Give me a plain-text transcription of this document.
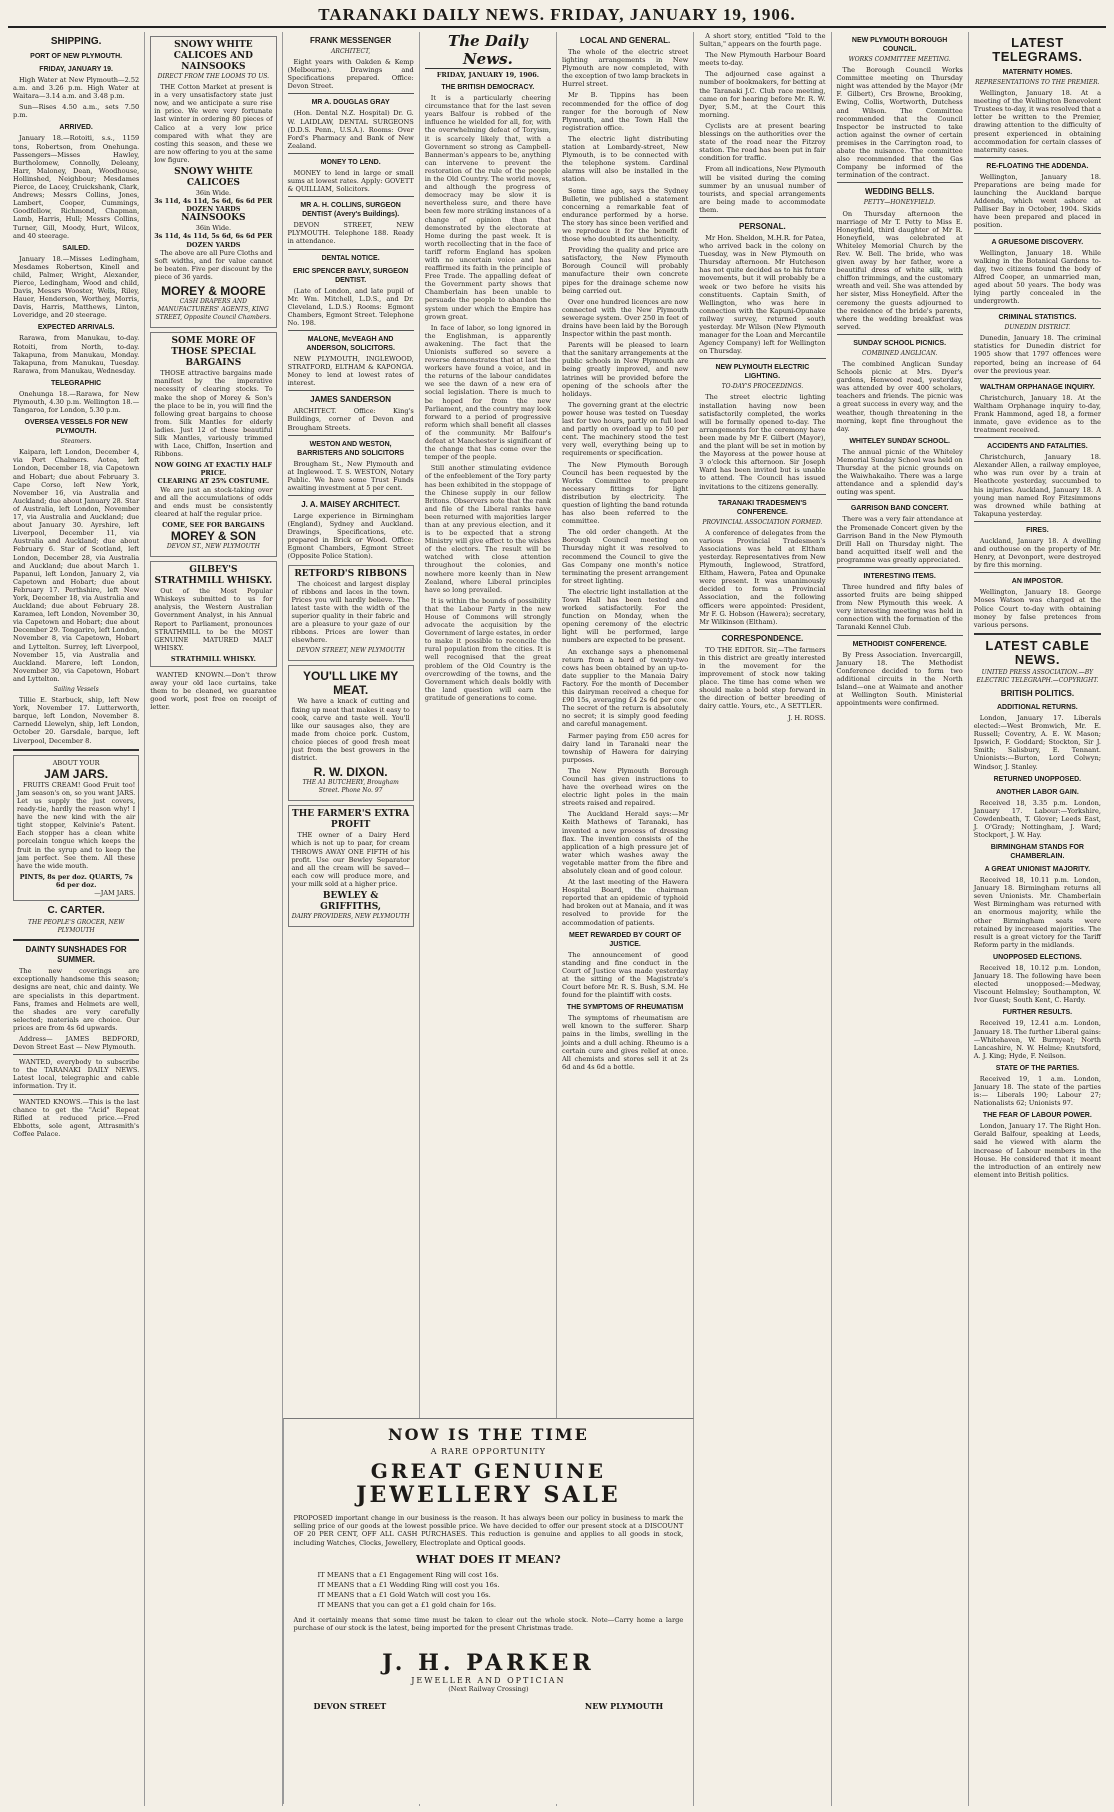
TARANAKI DAILY NEWS. FRIDAY, JANUARY 19, 1906.
SHIPPING.
PORT OF NEW PLYMOUTH.
FRIDAY, JANUARY 19.

High Water at New Plymouth—2.52 a.m. and 3.26 p.m. High Water at Waitara—3.14 a.m. and 3.48 p.m.

Sun—Rises 4.50 a.m., sets 7.50 p.m.

ARRIVED.

January 18.—Rotoiti, s.s., 1159 tons, Robertson, from Onehunga. Passengers—Misses Hawley, Burtholomew, Connolly, Deleany, Harr, Maloney, Dean, Woodhouse, Hollinshed, Neighbour; Mesdames Pierce, de Lacey, Cruickshank, Clark, Andrews; Messrs Collins, Jones, Lambert, Cooper, Cummings, Goodfellow, Richmond, Chapman, Lamb, Harris, Hull; Messrs Collins, Turner, Gill, Moody, Hurt, Wilcox, and 40 steerage.

SAILED.

January 18.—Misses Ledingham, Mesdames Robertson, Kinell and child, Palmer, Wright, Alexander, Pierce, Ledingham, Wood and child, Davis, Messrs Wooster, Wells, Riley, Hauer, Henderson, Worthey, Morris, Davis, Harris, Matthews, Linton, Loveridge, and 20 steerage.

EXPECTED ARRIVALS.

Rarawa, from Manukau, to-day. Rotoiti, from North, to-day. Takapuna, from Manukau, Monday. Takapuna, from Manukau, Tuesday. Rarawa, from Manukau, Wednesday.

TELEGRAPHIC

Onehunga 18.—Rarawa, for New Plymouth, 4.30 p.m. Wellington 18.—Tangaroa, for London, 5.30 p.m.

OVERSEA VESSELS FOR NEW PLYMOUTH.
Steamers.

Kaipara, left London, December 4, via Port Chalmers. Aotea, left London, December 18, via Capetown and Hobart; due about February 3. Cape Corso, left New York, November 16, via Australia and Auckland; due about January 28. Star of Australia, left London, November 17, via Australia and Auckland; due about January 30. Ayrshire, left Liverpool, December 11, via Australia and Auckland; due about February 6. Star of Scotland, left London, December 28, via Australia and Auckland; due about March 1. Papanui, left London, January 2, via Capetown and Hobart; due about February 17. Perthshire, left New York, December 18, via Australia and Auckland; due about February 28. Karamea, left London, November 30, via Capetown and Hobart; due about December 29. Tongariro, left London, November 8, via Capetown, Hobart and Lyttelton. Surrey, left Liverpool, November 15, via Australia and Auckland. Marere, left London, November 30, via Capetown, Hobart and Lyttelton.

Sailing Vessels

Tillie E. Starbuck, ship, left New York, November 17. Lutterworth, barque, left London, November 8. Carnedd Llewelyn, ship, left London, October 20. Garsdale, barque, left Liverpool, December 8.

ABOUT YOUR
JAM JARS.

FRUITS CREAM! Good Fruit too! Jam season's on, so you want JARS. Let us supply the just covers, ready-tie, hardly the reason why! I have the new kind with the air tight stopper, Kelvinie's Patent. Each stopper has a clean white porcelain tongue which keeps the fruit in the syrup and to keep the jam perfect. See them. All these have the wide mouth.

PINTS, 8s per doz. QUARTS, 7s 6d per doz.
—JAM JARS.
C. CARTER.
THE PEOPLE'S GROCER, NEW PLYMOUTH
DAINTY SUNSHADES FOR SUMMER.

The new coverings are exceptionally handsome this season; designs are neat, chic and dainty. We are specialists in this department. Fans, frames and Helmets are well, the shades are very carefully selected; materials are choice. Our prices are from 4s 6d upwards.

Address— JAMES BEDFORD, Devon Street East — New Plymouth.

WANTED, everybody to subscribe to the TARANAKI DAILY NEWS. Latest local, telegraphic and cable information. Try it.

WANTED KNOWS.—This is the last chance to get the "Acid" Repeat Rifled at reduced price.—Fred Ebbotts, sole agent, Attrasmith's Coffee Palace.

SNOWY WHITE CALICOES AND NAINSOOKS
DIRECT FROM THE LOOMS TO US.

THE Cotton Market at present is in a very unsatisfactory state just now, and we anticipate a sure rise in price. We were very fortunate last winter in ordering 80 pieces of Calico at a very low price compared with what they are costing this season, and these we are now offering to you at the same low figure.

SNOWY WHITE CALICOES
36in Wide.
3s 11d, 4s 11d, 5s 6d, 6s 6d PER DOZEN YARDS
NAINSOOKS
36in Wide.
3s 11d, 4s 11d, 5s 6d, 6s 6d PER DOZEN YARDS

The above are all Pure Cloths and Soft widths, and for value cannot be beaten. Five per discount by the piece of 36 yards.

MOREY & MOORE
CASH DRAPERS AND MANUFACTURERS' AGENTS, KING STREET, Opposite Council Chambers.
SOME MORE OF THOSE SPECIAL BARGAINS

THOSE attractive bargains made manifest by the imperative necessity of clearing stocks. To make the shop of Morey & Son's the place to be in, you will find the following great bargains to choose from. Silk Mantles for elderly ladies. Just 12 of these beautiful Silk Mantles, variously trimmed with Lace, Chiffon, Insertion and Ribbons.

NOW GOING AT EXACTLY HALF PRICE.
CLEARING AT 25% COSTUME.

We are just an stock-taking over and all the accumulations of odds and ends must be consistently cleared at half the regular price.

COME, SEE FOR BARGAINS
MOREY & SON
DEVON ST., NEW PLYMOUTH
GILBEY'S STRATHMILL WHISKY.

Out of the Most Popular Whiskeys submitted to us for analysis, the Western Australian Government Analyst, in his Annual Report to Parliament, pronounces STRATHMILL to be the MOST GENUINE MATURED MALT WHISKY.

STRATHMILL WHISKY.

WANTED KNOWN.—Don't throw away your old lace curtains, take them to be cleaned, we guarantee good work, post free on receipt of letter.

FRANK MESSENGER
ARCHITECT,

Eight years with Oakden & Kemp (Melbourne). Drawings and Specifications prepared. Office: Devon Street.

MR A. DOUGLAS GRAY

(Hon. Dental N.Z. Hospital) Dr. G. W. LAIDLAW, DENTAL SURGEONS (D.D.S. Penn., U.S.A.). Rooms: Over Ford's Pharmacy and Bank of New Zealand.

MONEY TO LEND.

MONEY to lend in large or small sums at lowest rates. Apply: GOVETT & QUILLIAM, Solicitors.

MR A. H. COLLINS, SURGEON DENTIST (Avery's Buildings).

DEVON STREET, NEW PLYMOUTH. Telephone 188. Ready in attendance.

DENTAL NOTICE.
ERIC SPENCER BAYLY, SURGEON DENTIST.

(Late of London, and late pupil of Mr. Wm. Mitchell, L.D.S., and Dr. Cleveland, L.D.S.) Rooms: Egmont Chambers, Egmont Street. Telephone No. 198.

MALONE, McVEAGH AND ANDERSON, SOLICITORS.

NEW PLYMOUTH, INGLEWOOD, STRATFORD, ELTHAM & KAPONGA. Money to lend at lowest rates of interest.

JAMES SANDERSON

ARCHITECT. Office: King's Buildings, corner of Devon and Brougham Streets.

WESTON AND WESTON, BARRISTERS AND SOLICITORS

Brougham St., New Plymouth and at Inglewood. T. S. WESTON, Notary Public. We have some Trust Funds awaiting investment at 5 per cent.

J. A. MAISEY ARCHITECT.

Large experience in Birmingham (England), Sydney and Auckland. Drawings, Specifications, etc. prepared in Brick or Wood. Office: Egmont Chambers, Egmont Street (Opposite Police Station).

RETFORD'S RIBBONS

The choicest and largest display of ribbons and laces in the town. Prices you will hardly believe. The latest taste with the width of the superior quality in their fabric and are a pleasure to your gaze of our ribbons. Prices are lower than elsewhere.

DEVON STREET, NEW PLYMOUTH
YOU'LL LIKE MY MEAT.

We have a knack of cutting and fixing up meat that makes it easy to cook, carve and taste well. You'll like our sausages also, they are made from choice pork. Custom, choice pieces of good fresh meat just from the best growers in the district.

R. W. DIXON.
THE A1 BUTCHERY, Brougham Street. Phone No. 97
THE FARMER'S EXTRA PROFIT

THE owner of a Dairy Herd which is not up to paar, for cream THROWS AWAY ONE FIFTH of his profit. Use our Bewley Separator and all the cream will be saved—each cow will produce more, and your milk sold at a higher price.

BEWLEY & GRIFFITHS,
DAIRY PROVIDERS, NEW PLYMOUTH
The Daily News.
FRIDAY, JANUARY 19, 1906.
THE BRITISH DEMOCRACY.

It is a particularly cheering circumstance that for the last seven years Balfour is robbed of the influence he wielded for all, for, with the overwhelming defeat of Toryism, it is scarcely likely that, with a Government so strong as Campbell-Bannerman's appears to be, anything can intervene to prevent the restoration of the rule of the people in the Old Country. The world moves, and although the progress of democracy may be slow it is nevertheless sure, and there have been few more striking instances of a change of opinion than that demonstrated by the electorate at Home during the past week. It is worth recollecting that in the face of tariff reform England has spoken with no uncertain voice and has reaffirmed its faith in the principle of Free Trade. The appalling defeat of the Government party shows that Chamberlain has been unable to persuade the people to abandon the system under which the Empire has grown great.

In face of labor, so long ignored in the Englishman, is apparently awakening. The fact that the Unionists suffered so severe a reverse demonstrates that at last the workers have found a voice, and in the returns of the labour candidates we see the dawn of a new era of social legislation. There is much to be hoped for from the new Parliament, and the country may look forward to a period of progressive reform which shall benefit all classes of the community. Mr Balfour's defeat at Manchester is significant of the change that has come over the temper of the people.

Still another stimulating evidence of the enfeeblement of the Tory party has been exhibited in the stoppage of the Chinese supply in our fellow Britons. Observers note that the rank and file of the Liberal ranks have been returned with majorities larger than at any previous election, and it is to be expected that a strong Ministry will give effect to the wishes of the electors. The result will be watched with close attention throughout the colonies, and nowhere more keenly than in New Zealand, where Liberal principles have so long prevailed.

It is within the bounds of possibility that the Labour Party in the new House of Commons will strongly advocate the acquisition by the Government of large estates, in order to make it possible to reconcile the rural population from the cities. It is well recognised that the great problem of the Old Country is the overcrowding of the towns, and the Government which deals boldly with the land question will earn the gratitude of generations to come.

LOCAL AND GENERAL.

The whole of the electric street lighting arrangements in New Plymouth are now completed, with the exception of two lamp brackets in Hurrel street.

Mr B. Tippins has been recommended for the office of dog ranger for the borough of New Plymouth, and the Town Hall the registration office.

The electric light distributing station at Lombardy-street, New Plymouth, is to be connected with the telephone system. Cardinal alarms will also be installed in the station.

Some time ago, says the Sydney Bulletin, we published a statement concerning a remarkable feat of endurance performed by a horse. The story has since been verified and we reproduce it for the benefit of those who doubted its authenticity.

Providing the quality and price are satisfactory, the New Plymouth Borough Council will probably manufacture their own concrete pipes for the drainage scheme now being carried out.

Over one hundred licences are now connected with the New Plymouth sewerage system. Over 250 in feet of drains have been laid by the Borough Inspector within the past month.

Parents will be pleased to learn that the sanitary arrangements at the public schools in New Plymouth are being greatly improved, and new latrines will be provided before the opening of the schools after the holidays.

The governing grant at the electric power house was tested on Tuesday last for two hours, partly on full load and partly on overload up to 50 per cent. The machinery stood the test very well, everything being up to requirements or specification.

The New Plymouth Borough Council has been requested by the Works Committee to prepare necessary fittings for light distribution by electricity. The question of lighting the band rotunda has also been referred to the committee.

The old order changeth. At the Borough Council meeting on Thursday night it was resolved to recommend the Council to give the Gas Company one month's notice terminating the present arrangement for street lighting.

The electric light installation at the Town Hall has been tested and worked satisfactorily. For the function on Monday, when the opening ceremony of the electric light will be performed, large numbers are expected to be present.

An exchange says a phenomenal return from a herd of twenty-two cows has been obtained by an up-to-date supplier to the Manaia Dairy Factory. For the month of December this dairyman received a cheque for £90 15s, averaging £4 2s 6d per cow. The secret of the return is absolutely no secret; it is simply good feeding and careful management.

Farmer paying from £50 acres for dairy land in Taranaki near the township of Hawera for dairying purposes.

The New Plymouth Borough Council has given instructions to have the overhead wires on the electric light poles in the main streets raised and repaired.

The Auckland Herald says:—Mr Keith Mathews of Taranaki, has invented a new process of dressing flax. The invention consists of the application of a high pressure jet of water which washes away the vegetable matter from the fibre and absolutely clean and of good colour.

At the last meeting of the Hawera Hospital Board, the chairman reported that an epidemic of typhoid had broken out at Manaia, and it was resolved to provide for the accommodation of patients.

MEET REWARDED BY COURT OF JUSTICE.

The announcement of good standing and fine conduct in the Court of Justice was made yesterday at the sitting of the Magistrate's Court before Mr. R. S. Bush, S.M. He found for the plaintiff with costs.

THE SYMPTOMS OF RHEUMATISM

The symptoms of rheumatism are well known to the sufferer. Sharp pains in the limbs, swelling in the joints and a dull aching. Rheumo is a certain cure and gives relief at once. All chemists and stores sell it at 2s 6d and 4s 6d a bottle.

A short story, entitled "Told to the Sultan," appears on the fourth page.

The New Plymouth Harbour Board meets to-day.

The adjourned case against a number of bookmakers, for betting at the Taranaki J.C. Club race meeting, came on for hearing before Mr. R. W. Dyer, S.M., at the Court this morning.

Cyclists are at present bearing blessings on the authorities over the state of the road near the Fitzroy station. The road has been put in fair condition for traffic.

From all indications, New Plymouth will be visited during the coming summer by an unusual number of tourists, and special arrangements are being made to accommodate them.

PERSONAL.

Mr Hon. Sheldon, M.H.R. for Patea, who arrived back in the colony on Tuesday, was in New Plymouth on Thursday afternoon. Mr Hutcheson has not quite decided as to his future movements, but it will probably be a week or two before he visits his constituents. Captain Smith, of Wellington, who was here in connection with the Kapuni-Opunake railway survey, returned south yesterday. Mr Wilson (New Plymouth manager for the Loan and Mercantile Agency Company) left for Wellington on Thursday.

NEW PLYMOUTH ELECTRIC LIGHTING.
TO-DAY'S PROCEEDINGS.

The street electric lighting installation having now been satisfactorily completed, the works will be formally opened to-day. The arrangements for the ceremony have been made by Mr F. Gilbert (Mayor), and the plant will be set in motion by the Mayoress at the power house at 3 o'clock this afternoon. Sir Joseph Ward has been invited but is unable to attend. The Council has issued invitations to the citizens generally.

TARANAKI TRADESMEN'S CONFERENCE.
PROVINCIAL ASSOCIATION FORMED.

A conference of delegates from the various Provincial Tradesmen's Associations was held at Eltham yesterday. Representatives from New Plymouth, Inglewood, Stratford, Eltham, Hawera, Patea and Opunake were present. It was unanimously decided to form a Provincial Association, and the following officers were appointed: President, Mr F. G. Hobson (Hawera); secretary, Mr Wilkinson (Eltham).

CORRESPONDENCE.

TO THE EDITOR. Sir,—The farmers in this district are greatly interested in the movement for the improvement of stock now taking place. The time has come when we should make a bold step forward in the direction of better breeding of dairy cattle. Yours, etc., A SETTLER.

J. H. ROSS.
NEW PLYMOUTH BOROUGH COUNCIL.
WORKS COMMITTEE MEETING.

The Borough Council Works Committee meeting on Thursday night was attended by the Mayor (Mr F. Gilbert), Crs Browne, Brooking, Ewing, Collis, Wortworth, Dutchess and Wilson. The Committee recommended that the Council Inspector be instructed to take action against the owner of certain premises in the Carrington road, to abate the nuisance. The committee also recommended that the Gas Company be informed of the termination of the contract.

WEDDING BELLS.
PETTY—HONEYFIELD.

On Thursday afternoon the marriage of Mr T. Petty to Miss E. Honeyfield, third daughter of Mr R. Honeyfield, was celebrated at Whiteley Memorial Church by the Rev. W. Bell. The bride, who was given away by her father, wore a beautiful dress of white silk, with chiffon trimmings, and the customary wreath and veil. She was attended by her sister, Miss Honeyfield. After the ceremony the guests adjourned to the residence of the bride's parents, where the wedding breakfast was served.

SUNDAY SCHOOL PICNICS.
COMBINED ANGLICAN.

The combined Anglican Sunday Schools picnic at Mrs. Dyer's gardens, Henwood road, yesterday, was attended by over 400 scholars, teachers and friends. The picnic was a great success in every way, and the weather, though threatening in the morning, kept fine throughout the day.

WHITELEY SUNDAY SCHOOL.

The annual picnic of the Whiteley Memorial Sunday School was held on Thursday at the picnic grounds on the Waiwhakaiho. There was a large attendance and a splendid day's outing was spent.

GARRISON BAND CONCERT.

There was a very fair attendance at the Promenade Concert given by the Garrison Band in the New Plymouth Drill Hall on Thursday night. The band acquitted itself well and the programme was greatly appreciated.

INTERESTING ITEMS.

Three hundred and fifty bales of assorted fruits are being shipped from New Plymouth this week. A very interesting meeting was held in connection with the formation of the Taranaki Kennel Club.

METHODIST CONFERENCE.

By Press Association. Invercargill, January 18. The Methodist Conference decided to form two additional circuits in the North Island—one at Waimate and another at Wellington South. Ministerial appointments were confirmed.

LATEST TELEGRAMS.
MATERNITY HOMES.
REPRESENTATIONS TO THE PREMIER.

Wellington, January 18. At a meeting of the Wellington Benevolent Trustees to-day, it was resolved that a letter be written to the Premier, drawing attention to the difficulty of present experienced in obtaining accommodation for certain classes of maternity cases.

RE-FLOATING THE ADDENDA.

Wellington, January 18. Preparations are being made for launching the Auckland barque Addenda, which went ashore at Palliser Bay in October, 1904. Skids have been prepared and placed in position.

A GRUESOME DISCOVERY.

Wellington, January 18. While walking in the Botanical Gardens to-day, two citizens found the body of Alfred Cooper, an unmarried man, aged about 50 years. The body was lying partly concealed in the undergrowth.

CRIMINAL STATISTICS.
DUNEDIN DISTRICT.

Dunedin, January 18. The criminal statistics for Dunedin district for 1905 show that 1797 offences were reported, being an increase of 64 over the previous year.

WALTHAM ORPHANAGE INQUIRY.

Christchurch, January 18. At the Waltham Orphanage inquiry to-day, Frank Hammond, aged 18, a former inmate, gave evidence as to the treatment received.

ACCIDENTS AND FATALITIES.

Christchurch, January 18. Alexander Allen, a railway employee, who was run over by a train at Heathcote yesterday, succumbed to his injuries. Auckland, January 18. A young man named Roy Fitzsimmons was drowned while bathing at Takapuna yesterday.

FIRES.

Auckland, January 18. A dwelling and outhouse on the property of Mr. Henry, at Devonport, were destroyed by fire this morning.

AN IMPOSTOR.

Wellington, January 18. George Moses Watson was charged at the Police Court to-day with obtaining money by false pretences from various persons.

LATEST CABLE NEWS.
UNITED PRESS ASSOCIATION.—BY ELECTRIC TELEGRAPH.—COPYRIGHT.
BRITISH POLITICS.
ADDITIONAL RETURNS.

London, January 17. Liberals elected:—West Bromwich, Mr. E. Russell; Coventry, A. E. W. Mason; Ipswich, F. Goddard; Stockton, Sir J. Smith; Salisbury, E. Tennant. Unionists:—Burton, Lord Colwyn; Windsor, J. Stanley.

RETURNED UNOPPOSED.
ANOTHER LABOR GAIN.

Received 18, 3.35 p.m. London, January 17. Labour:—Yorkshire, Cowdenbeath, T. Glover; Leeds East, J. O'Grady; Nottingham, J. Ward; Stockport, J. W. Hay.

BIRMINGHAM STANDS FOR CHAMBERLAIN.
A GREAT UNIONIST MAJORITY.

Received 18, 10.11 p.m. London, January 18. Birmingham returns all seven Unionists. Mr. Chamberlain West Birmingham was returned with an enormous majority, while the other Birmingham seats were retained by increased majorities. The result is a great victory for the Tariff Reform party in the midlands.

UNOPPOSED ELECTIONS.

Received 18, 10.12 p.m. London, January 18. The following have been elected unopposed:—Medway, Viscount Helmsley; Southampton, W. Ivor Guest; South Kent, C. Hardy.

FURTHER RESULTS.

Received 19, 12.41 a.m. London, January 18. The further Liberal gains:—Whitehaven, W. Burnyeat; North Lancashire, N. W. Helme; Knutsford, A. J. King; Hyde, F. Neilson.

STATE OF THE PARTIES.

Received 19, 1 a.m. London, January 18. The state of the parties is:— Liberals 190; Labour 27; Nationalists 62; Unionists 97.

THE FEAR OF LABOUR POWER.

London, January 17. The Right Hon. Gerald Balfour, speaking at Leeds, said he viewed with alarm the increase of Labour members in the House. He considered that it meant the introduction of an entirely new element into British politics.

NOW IS THE TIME
A RARE OPPORTUNITY
GREAT GENUINE
JEWELLERY SALE
PROPOSED important change in our business is the reason. It has always been our policy in business to mark the selling price of our goods at the lowest possible price. We have decided to offer our present stock at a DISCOUNT OF 20 PER CENT, OFF ALL CASH PURCHASES. This reduction is genuine and applies to all goods in stock, including Watches, Clocks, Jewellery, Electroplate and Optical goods.
WHAT DOES IT MEAN?
IT MEANS that a £1 Engagement Ring will cost 16s.
IT MEANS that a £1 Wedding Ring will cost you 16s.
IT MEANS that a £1 Gold Watch will cost you 16s.
IT MEANS that you can get a £1 gold chain for 16s.
And it certainly means that some time must be taken to clear out the whole stock. Note—Carry home a large purchase of our stock is the latest, being imported for the present Christmas trade.
J. H. PARKER
JEWELLER AND OPTICIAN
(Next Railway Crossing)
DEVON STREET	NEW PLYMOUTH
